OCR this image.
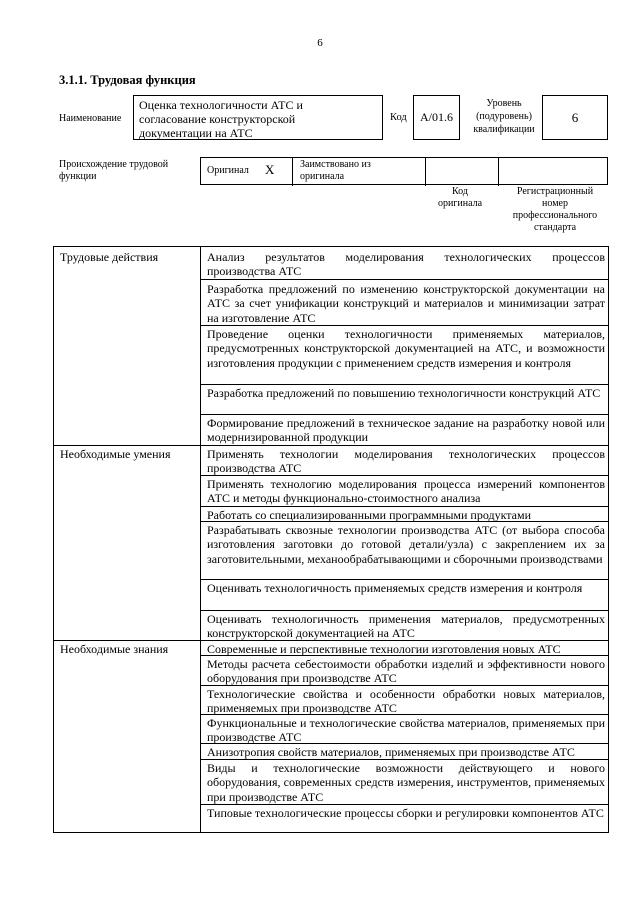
6
3.1.1. Трудовая функция
Наименование
Оценка технологичности АТС и
согласование конструкторской
документации на АТС
Код	А/01.6
Уровень
(подуровень)
квалификации
6
Происхождение трудовой
функции
Оригинал X	Заимствовано из
оригинала
Код
оригинала
Регистрационный
номер
профессионального
стандарта
Трудовые действия	Анализ результатов моделирования технологических процессов производства АТС
Разработка предложений по изменению конструкторской документации на АТС за счет унификации конструкций и материалов и минимизации затрат на изготовление АТС
Проведение оценки технологичности применяемых материалов, предусмотренных конструкторской документацией на АТС, и возможности изготовления продукции с применением средств измерения и контроля
Разработка предложений по повышению технологичности конструкций АТС
Формирование предложений в техническое задание на разработку новой или модернизированной продукции
Необходимые умения	Применять технологии моделирования технологических процессов производства АТС
Применять технологию моделирования процесса измерений компонентов АТС и методы функционально-стоимостного анализа
Работать со специализированными программными продуктами
Разрабатывать сквозные технологии производства АТС (от выбора способа изготовления заготовки до готовой детали/узла) с закреплением их за заготовительными, механообрабатывающими и сборочными производствами
Оценивать технологичность применяемых средств измерения и контроля
Оценивать технологичность применения материалов, предусмотренных конструкторской документацией на АТС
Необходимые знания	Современные и перспективные технологии изготовления новых АТС
Методы расчета себестоимости обработки изделий и эффективности нового оборудования при производстве АТС
Технологические свойства и особенности обработки новых материалов, применяемых при производстве АТС
Функциональные и технологические свойства материалов, применяемых при производстве АТС
Анизотропия свойств материалов, применяемых при производстве АТС
Виды и технологические возможности действующего и нового оборудования, современных средств измерения, инструментов, применяемых при производстве АТС
Типовые технологические процессы сборки и регулировки компонентов АТС
